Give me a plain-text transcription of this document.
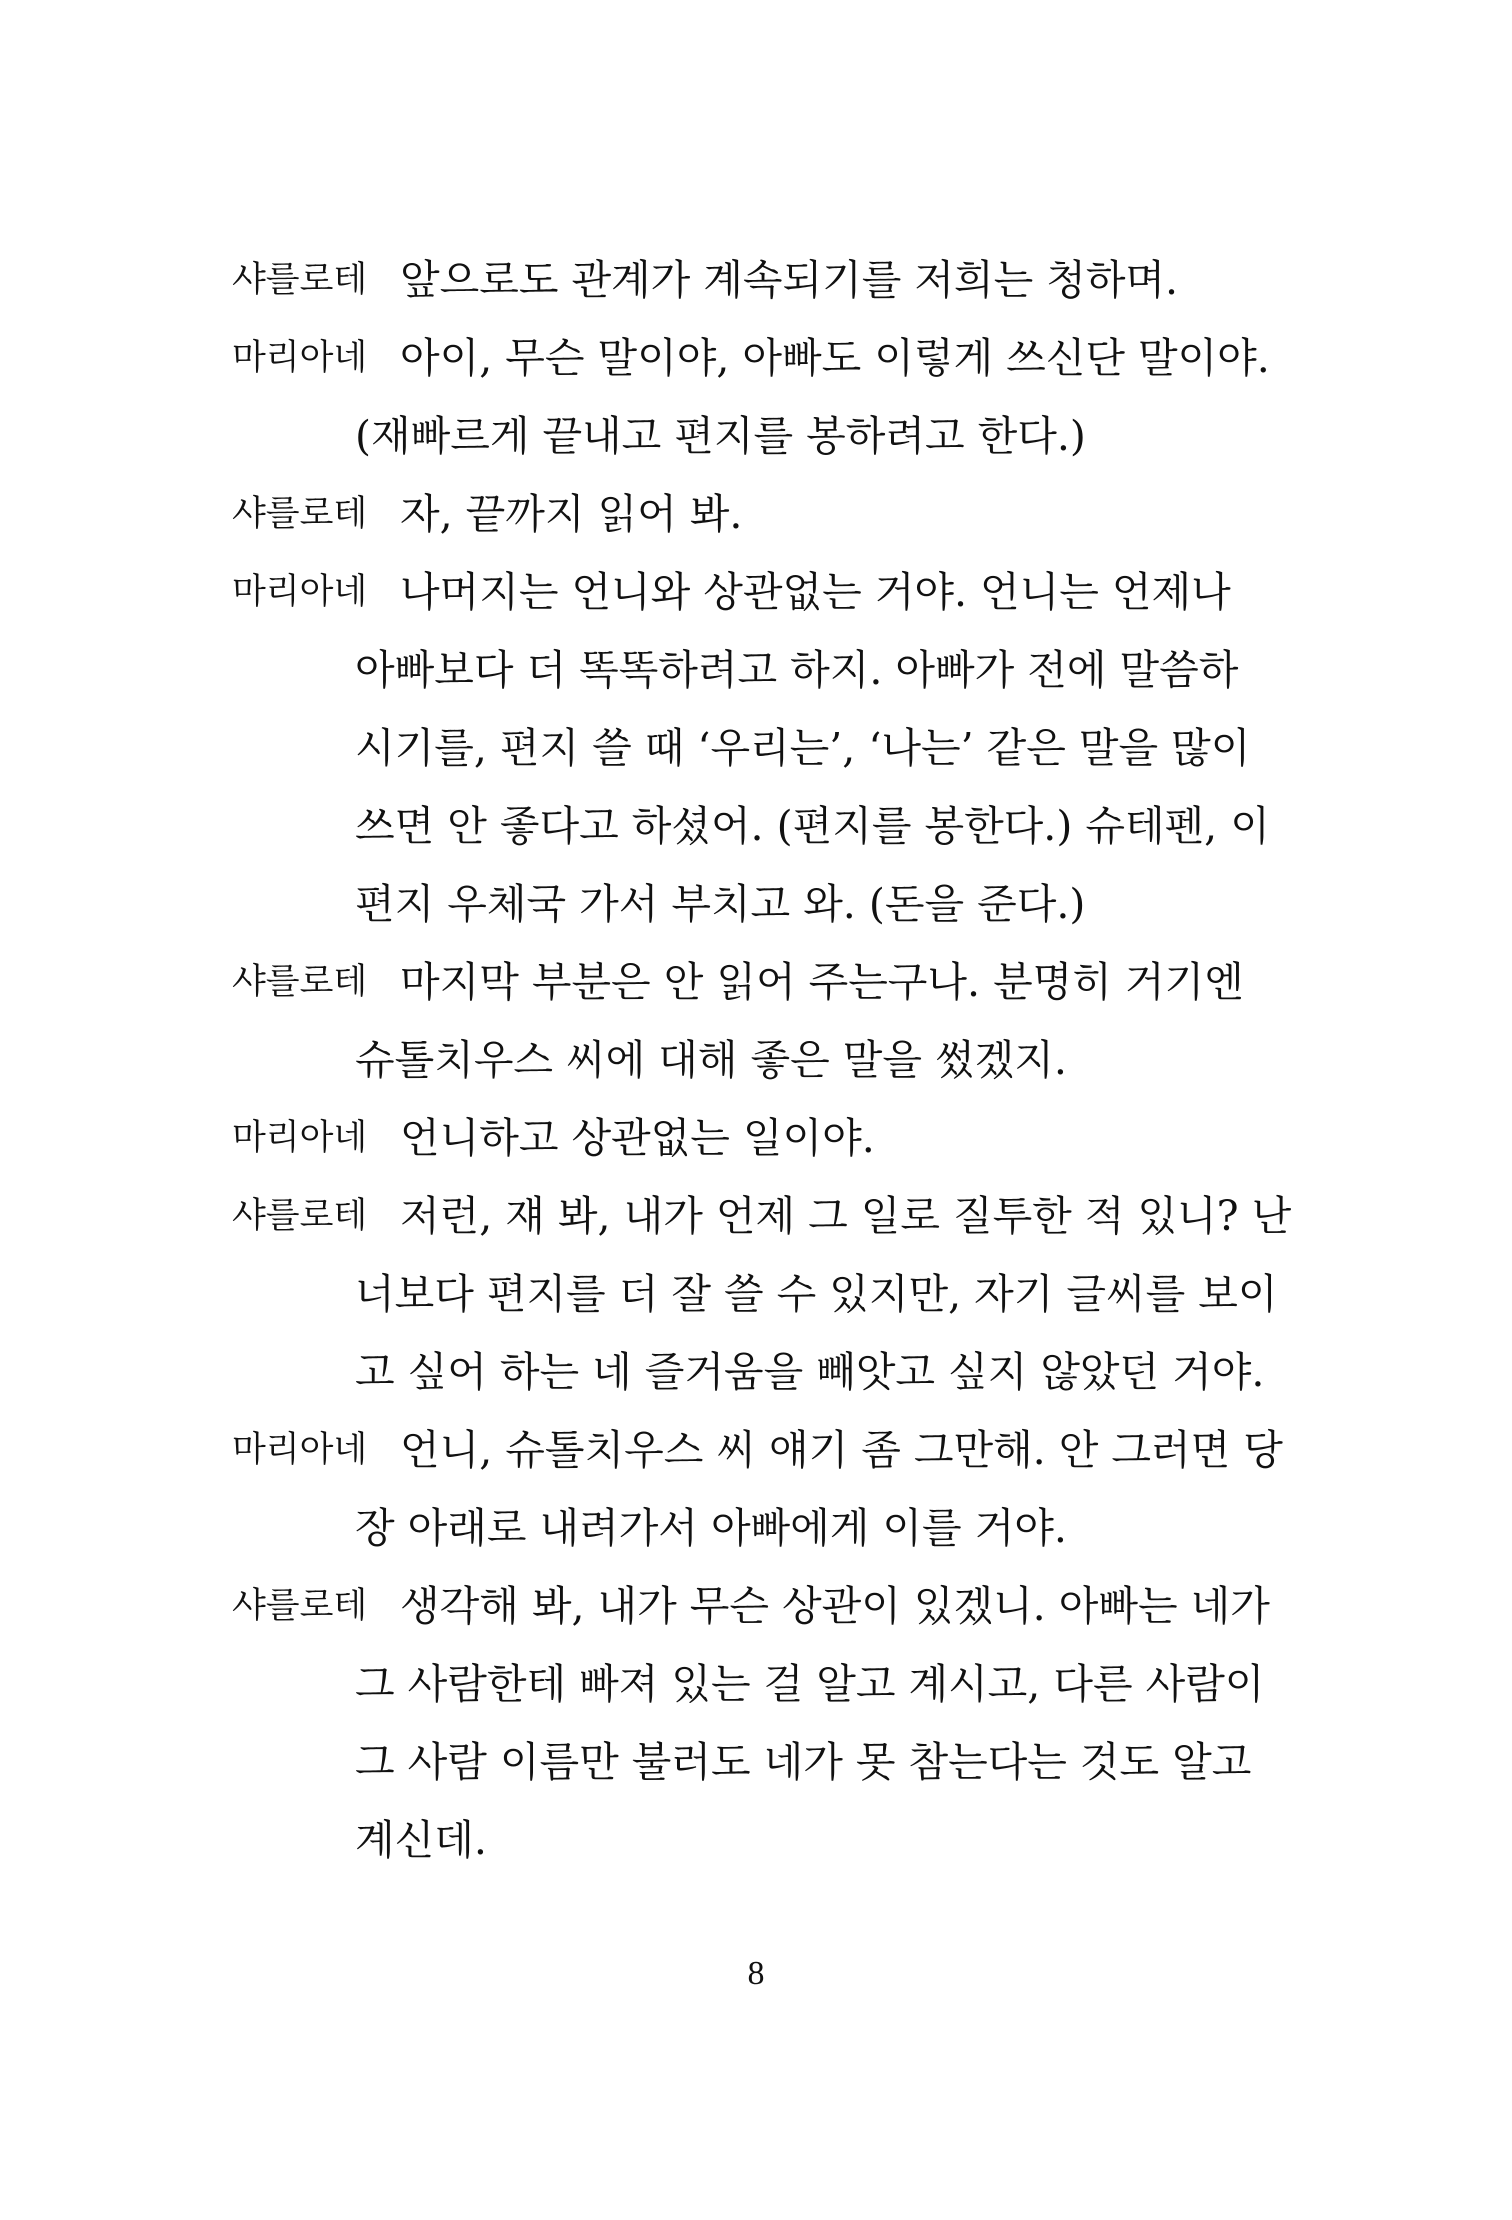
샤를로테 앞으로도 관계가 계속되기를 저희는 청하며.
마리아네 아이, 무슨 말이야, 아빠도 이렇게 쓰신단 말이야.
(재빠르게 끝내고 편지를 봉하려고 한다.)
샤를로테 자, 끝까지 읽어 봐.
마리아네 나머지는 언니와 상관없는 거야. 언니는 언제나
아빠보다 더 똑똑하려고 하지. 아빠가 전에 말씀하
시기를, 편지 쓸 때 ‘우리는’, ‘나는’ 같은 말을 많이
쓰면 안 좋다고 하셨어. (편지를 봉한다.) 슈테펜, 이
편지 우체국 가서 부치고 와. (돈을 준다.)
샤를로테 마지막 부분은 안 읽어 주는구나. 분명히 거기엔
슈톨치우스 씨에 대해 좋은 말을 썼겠지.
마리아네 언니하고 상관없는 일이야.
샤를로테 저런, 쟤 봐, 내가 언제 그 일로 질투한 적 있니? 난
너보다 편지를 더 잘 쓸 수 있지만, 자기 글씨를 보이
고 싶어 하는 네 즐거움을 빼앗고 싶지 않았던 거야.
마리아네 언니, 슈톨치우스 씨 얘기 좀 그만해. 안 그러면 당
장 아래로 내려가서 아빠에게 이를 거야.
샤를로테 생각해 봐, 내가 무슨 상관이 있겠니. 아빠는 네가
그 사람한테 빠져 있는 걸 알고 계시고, 다른 사람이
그 사람 이름만 불러도 네가 못 참는다는 것도 알고
계신데.
8
